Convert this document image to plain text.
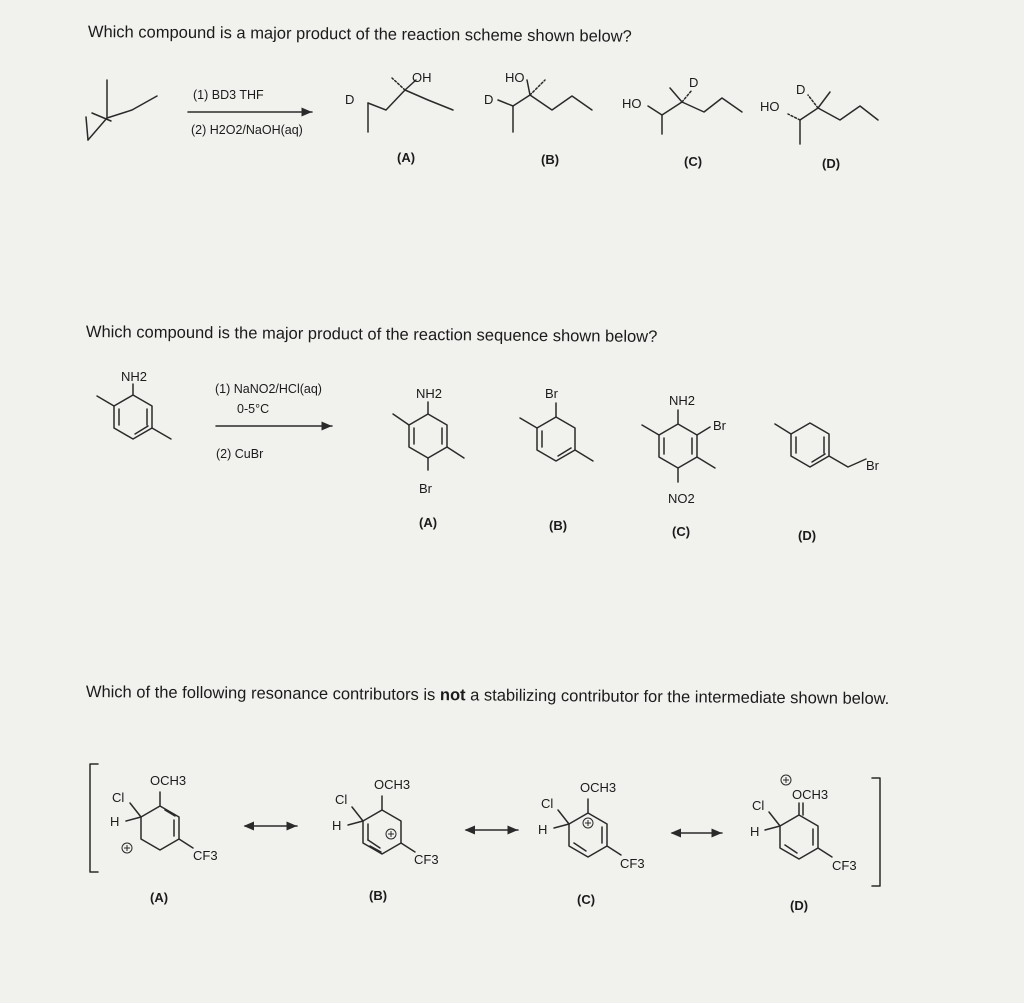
Which compound is a major product of the reaction scheme shown below?

Which compound is the major product of the reaction sequence shown below?

Which of the following resonance contributors is not a stabilizing contributor for the intermediate shown below.

(1) BD3 THF
(2) H2O2/NaOH(aq)
D
OH
(A)
HO
D
(B)
HO
D
(C)
HO
D
(D)
NH2
(1) NaNO2/HCl(aq)
0-5°C
(2) CuBr
NH2
Br
(A)
Br
(B)
NH2
Br
NO2
(C)
Br
(D)
Cl
OCH3
H
CF3
(A)
Cl
OCH3
H
CF3
(B)
Cl
OCH3
H
CF3
(C)
Cl
OCH3
H
CF3
(D)
